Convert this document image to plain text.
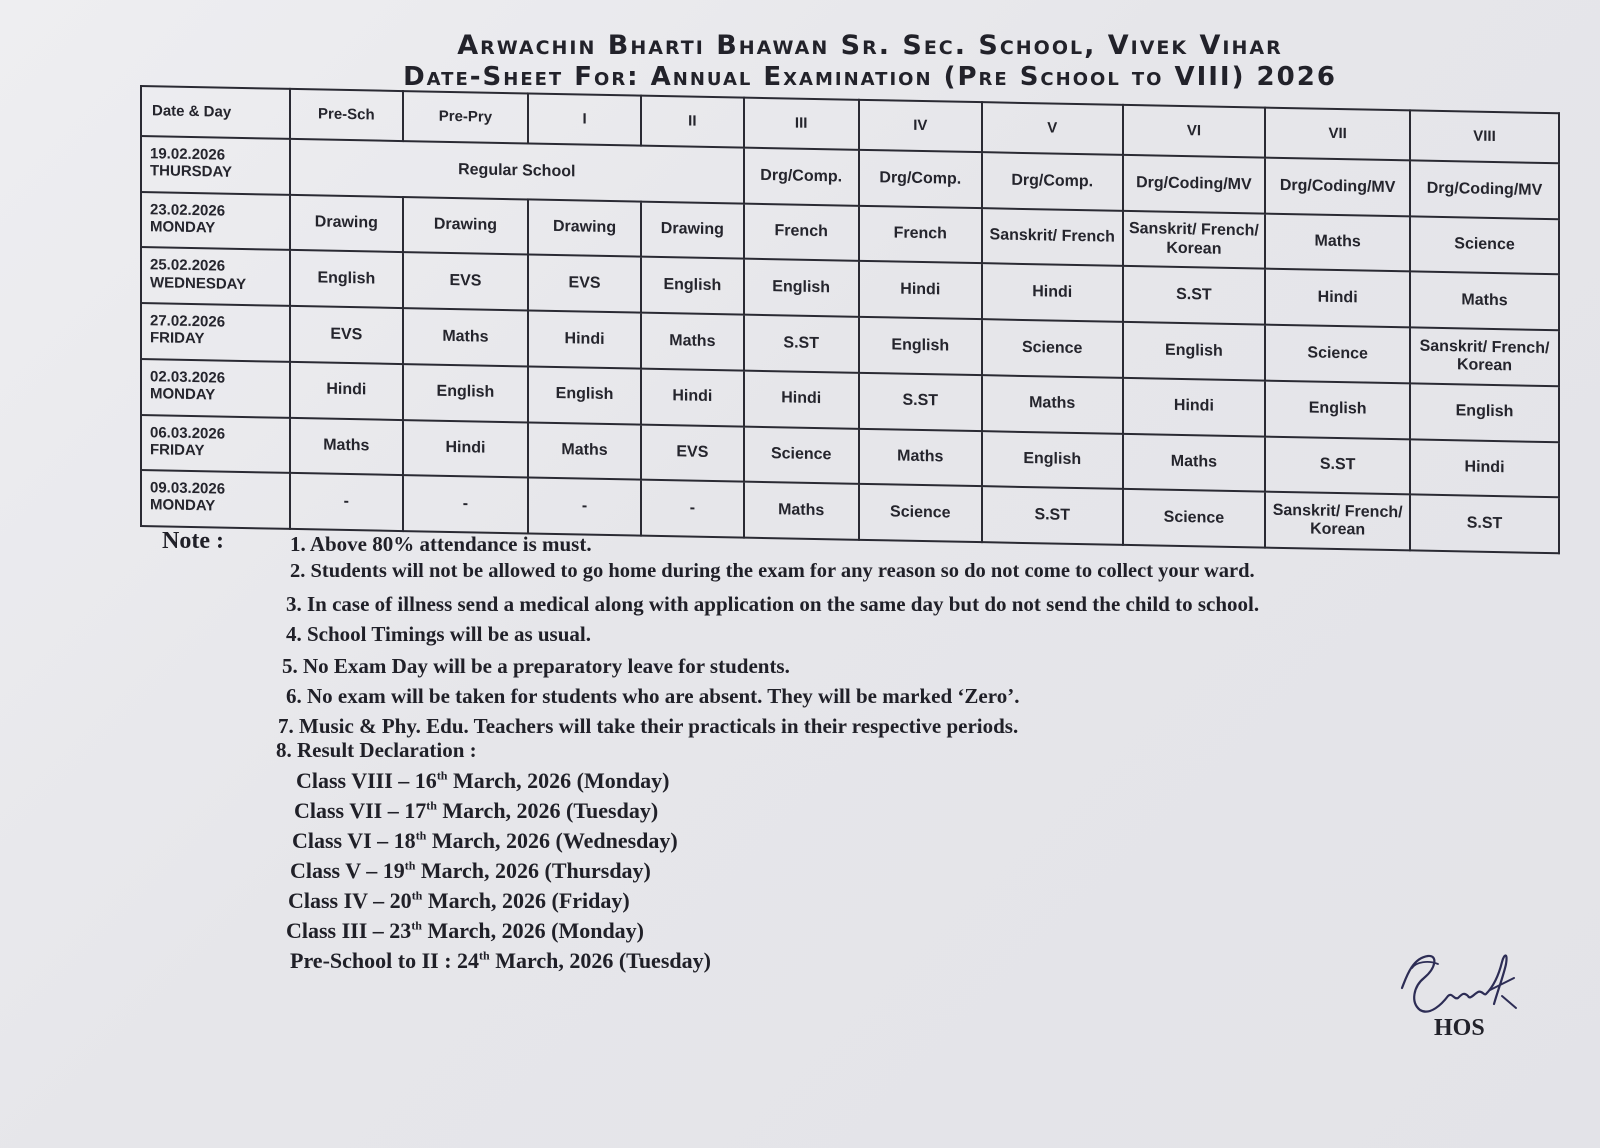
Arwachin Bharti Bhawan Sr. Sec. School, Vivek Vihar
Date-Sheet For: Annual Examination (Pre School to VIII) 2026
Date & Day	Pre-Sch	Pre-Pry	I	II	III	IV	V	VI	VII	VIII

19.02.2026
THURSDAY	Regular School				Drg/Comp.	Drg/Comp.	Drg/Comp.	Drg/Coding/MV	Drg/Coding/MV	Drg/Coding/MV

23.02.2026
MONDAY	Drawing	Drawing	Drawing	Drawing	French	French	Sanskrit/ French	Sanskrit/ French/ Korean	Maths	Science

25.02.2026
WEDNESDAY	English	EVS	EVS	English	English	Hindi	Hindi	S.ST	Hindi	Maths

27.02.2026
FRIDAY	EVS	Maths	Hindi	Maths	S.ST	English	Science	English	Science	Sanskrit/ French/ Korean

02.03.2026
MONDAY	Hindi	English	English	Hindi	Hindi	S.ST	Maths	Hindi	English	English

06.03.2026
FRIDAY	Maths	Hindi	Maths	EVS	Science	Maths	English	Maths	S.ST	Hindi

09.03.2026
MONDAY	-	-	-	-	Maths	Science	S.ST	Science	Sanskrit/ French/ Korean	S.ST
Note :	1. Above 80% attendance is must.
2. Students will not be allowed to go home during the exam for any reason so do not come to collect your ward.
3. In case of illness send a medical along with application on the same day but do not send the child to school.
4. School Timings will be as usual.
5. No Exam Day will be a preparatory leave for students.
6. No exam will be taken for students who are absent. They will be marked ‘Zero’.
7. Music & Phy. Edu. Teachers will take their practicals in their respective periods.
8. Result Declaration :
Class VIII – 16th March, 2026 (Monday)
Class VII – 17th March, 2026 (Tuesday)
Class VI – 18th March, 2026 (Wednesday)
Class V – 19th March, 2026 (Thursday)
Class IV – 20th March, 2026 (Friday)
Class III – 23th March, 2026 (Monday)
Pre-School to II : 24th March, 2026 (Tuesday)
HOS
